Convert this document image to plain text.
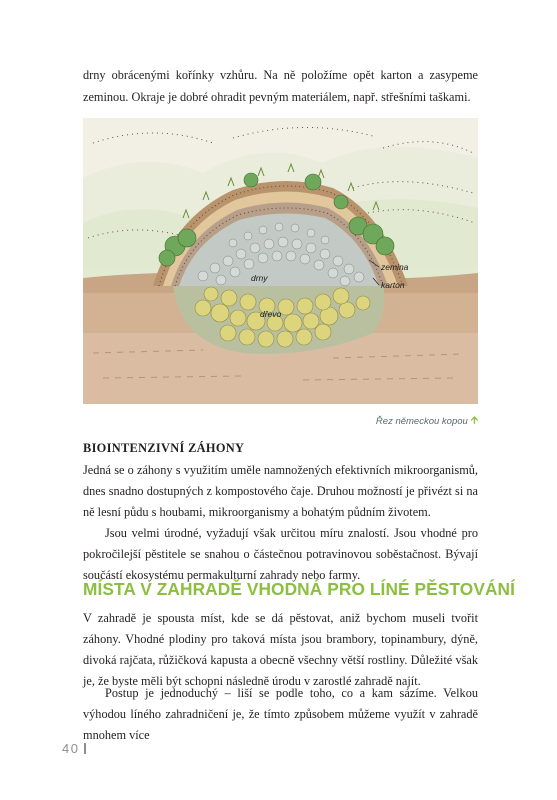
drny obrácenými kořínky vzhůru. Na ně položíme opět karton a zasypeme zeminou. Okraje je dobré ohradit pevným materiálem, např. střešními taškami.

drny
dřevo
zemina
karton
Řez německou kopou 🡩
BIOINTENZIVNÍ ZÁHONY

Jedná se o záhony s využitím uměle namnožených efektivních mikroorganismů, dnes snadno dostupných z kompostového čaje. Druhou možností je přivézt si na ně lesní půdu s houbami, mikroorganismy a bohatým půdním životem.

Jsou velmi úrodné, vyžadují však určitou míru znalostí. Jsou vhodné pro pokročilejší pěstitele se snahou o částečnou potravinovou soběstačnost. Bývají součástí ekosystému permakulturní zahrady nebo farmy.

MÍSTA V ZAHRADĚ VHODNÁ PRO LÍNÉ PĚSTOVÁNÍ

V zahradě je spousta míst, kde se dá pěstovat, aniž bychom museli tvořit záhony. Vhodné plodiny pro taková místa jsou brambory, topinambury, dýně, divoká rajčata, růžičková kapusta a obecně všechny větší rostliny. Důležité však je, že byste měli být schopni následně úrodu v zarostlé zahradě najít.

Postup je jednoduchý – liší se podle toho, co a kam sázíme. Velkou výhodou líného zahradničení je, že tímto způsobem můžeme využít v zahradě mnohem více

40
